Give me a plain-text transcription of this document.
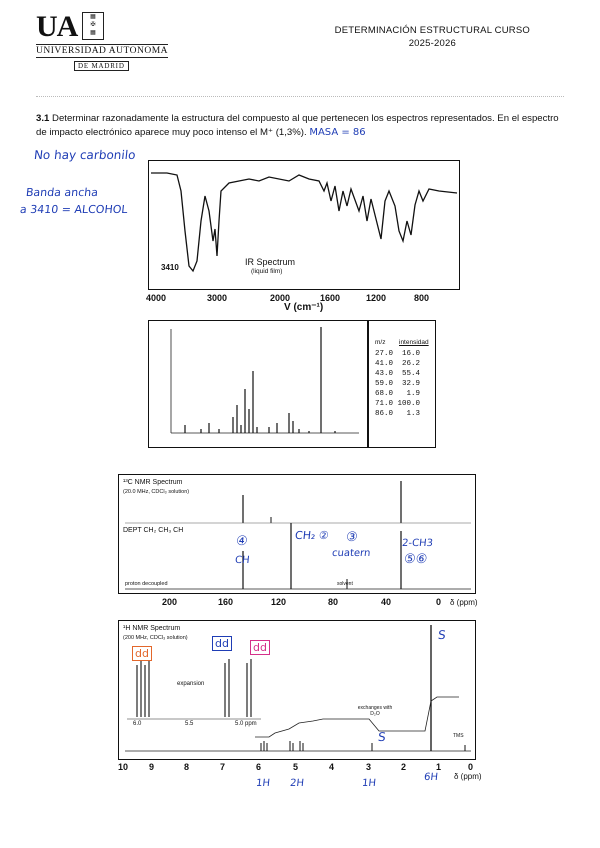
UA	▦
✠
▦
UNIVERSIDAD AUTONOMA
DE MADRID
DETERMINACIÓN ESTRUCTURAL CURSO
2025-2026
3.1 Determinar razonadamente la estructura del compuesto al que pertenecen los espectros representados. En el espectro de impacto electrónico aparece muy poco intenso el M⁺ (1,3%). MASA = 86
No hay carbonilo
Banda ancha
a 3410 = ALCOHOL
3410
IR Spectrum
(liquid film)
4000	3000	2000	1600	1200	800
V (cm⁻¹)
m/z intensidad
27.0 16.0
41.0 26.2
43.0 55.4
59.0 32.9
68.0 1.9
71.0 100.0
86.0 1.3
¹³C NMR Spectrum
(20.0 MHz, CDCl₃ solution)
DEPT CH₂ CH₃ CH
proton decoupled	solvent
④
CH
CH₂ ② ③
cuatern
2-CH3
⑤⑥
200	160	120	80	40	0 δ (ppm)
¹H NMR Spectrum
(200 MHz, CDCl₃ solution)
expansion
6.0	5.5	5.0 ppm
exchanges with D₂O
TMS
dd
dd dd
S
S
10 9	8	7	6	5	4	3	2	1	0
δ (ppm)
1H 2H	1H
6H
